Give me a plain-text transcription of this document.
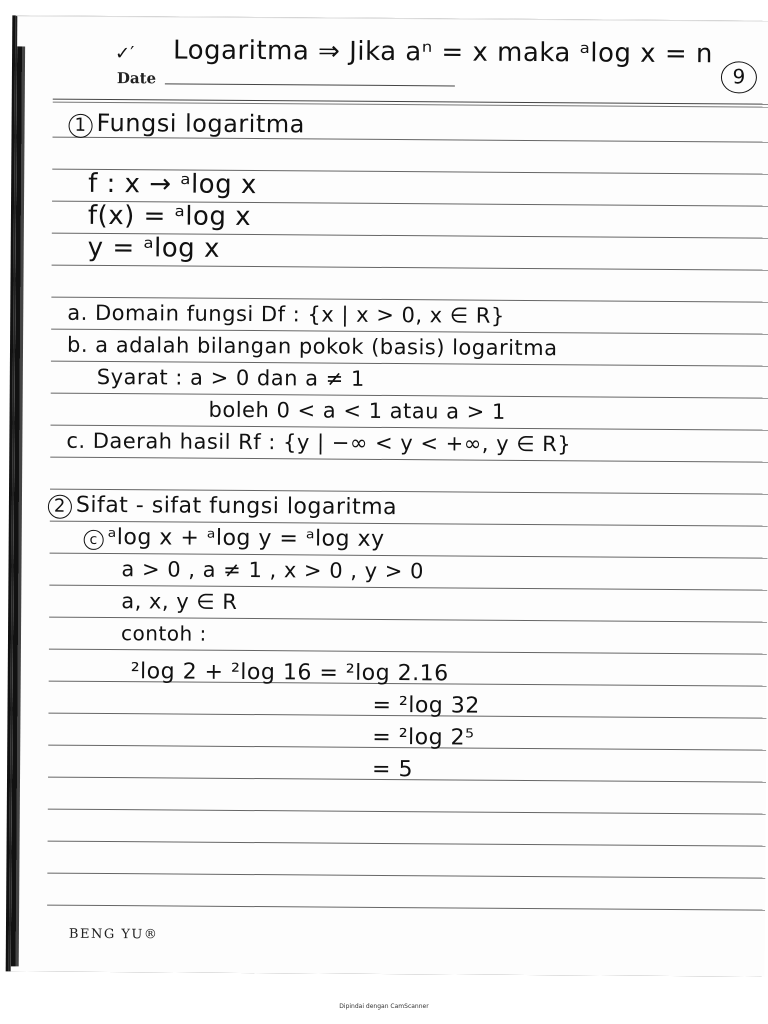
✓′ Logaritma ⇒ Jika aⁿ = x maka ᵃlog x = n
Date	9
1 Fungsi logaritma
f : x → ᵃlog x
f(x) = ᵃlog x
y = ᵃlog x
a. Domain fungsi Df : {x | x > 0, x ∈ R}
b. a adalah bilangan pokok (basis) logaritma
Syarat : a > 0 dan a ≠ 1
boleh 0 < a < 1 atau a > 1
c. Daerah hasil Rf : {y | −∞ < y < +∞, y ∈ R}
2 Sifat - sifat fungsi logaritma
c ᵃlog x + ᵃlog y = ᵃlog xy
a > 0 , a ≠ 1 , x > 0 , y > 0
a, x, y ∈ R
contoh :
²log 2 + ²log 16 = ²log 2.16
= ²log 32
= ²log 2⁵
= 5
BENG YU®
Dipindai dengan CamScanner
